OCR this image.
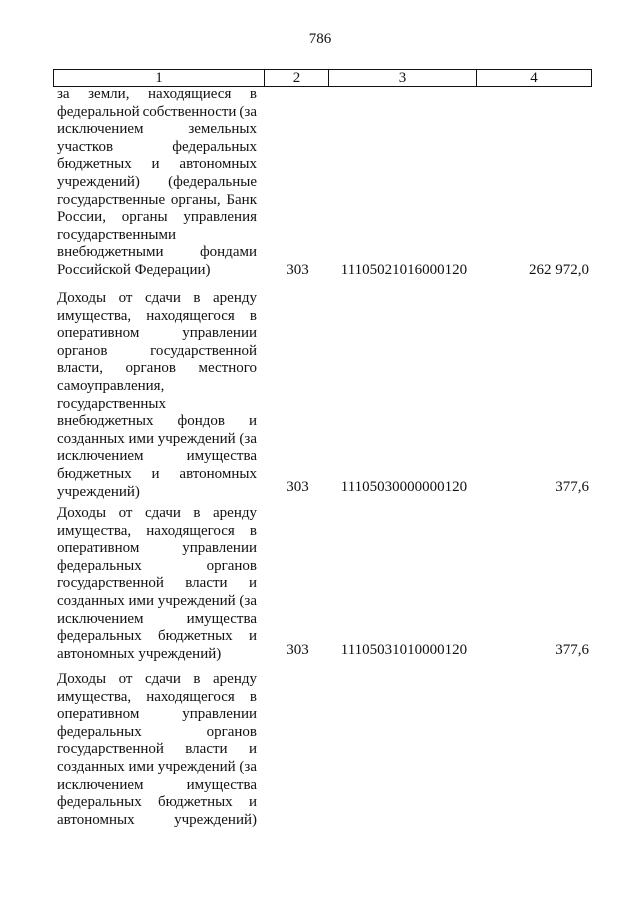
786
1	2	3	4
за земли, находящиеся в
федеральной собственности (за
исключением	земельных
участков	федеральных
бюджетных и автономных
учреждений) (федеральные
государственные органы, Банк
России, органы управления
государственными
внебюджетными фондами
Российской Федерации)	303	11105021016000120	262 972,0
Доходы от сдачи в аренду
имущества, находящегося в
оперативном	управлении
органов	государственной
власти, органов местного
самоуправления,
государственных
внебюджетных фондов и
созданных ими учреждений (за
исключением	имущества
бюджетных и автономных
учреждений)	303	11105030000000120	377,6
Доходы от сдачи в аренду
имущества, находящегося в
оперативном	управлении
федеральных	органов
государственной власти и
созданных ими учреждений (за
исключением	имущества
федеральных бюджетных и
автономных учреждений)	303	11105031010000120	377,6
Доходы от сдачи в аренду
имущества, находящегося в
оперативном	управлении
федеральных	органов
государственной власти и
созданных ими учреждений (за
исключением	имущества
федеральных бюджетных и
автономных	учреждений)
